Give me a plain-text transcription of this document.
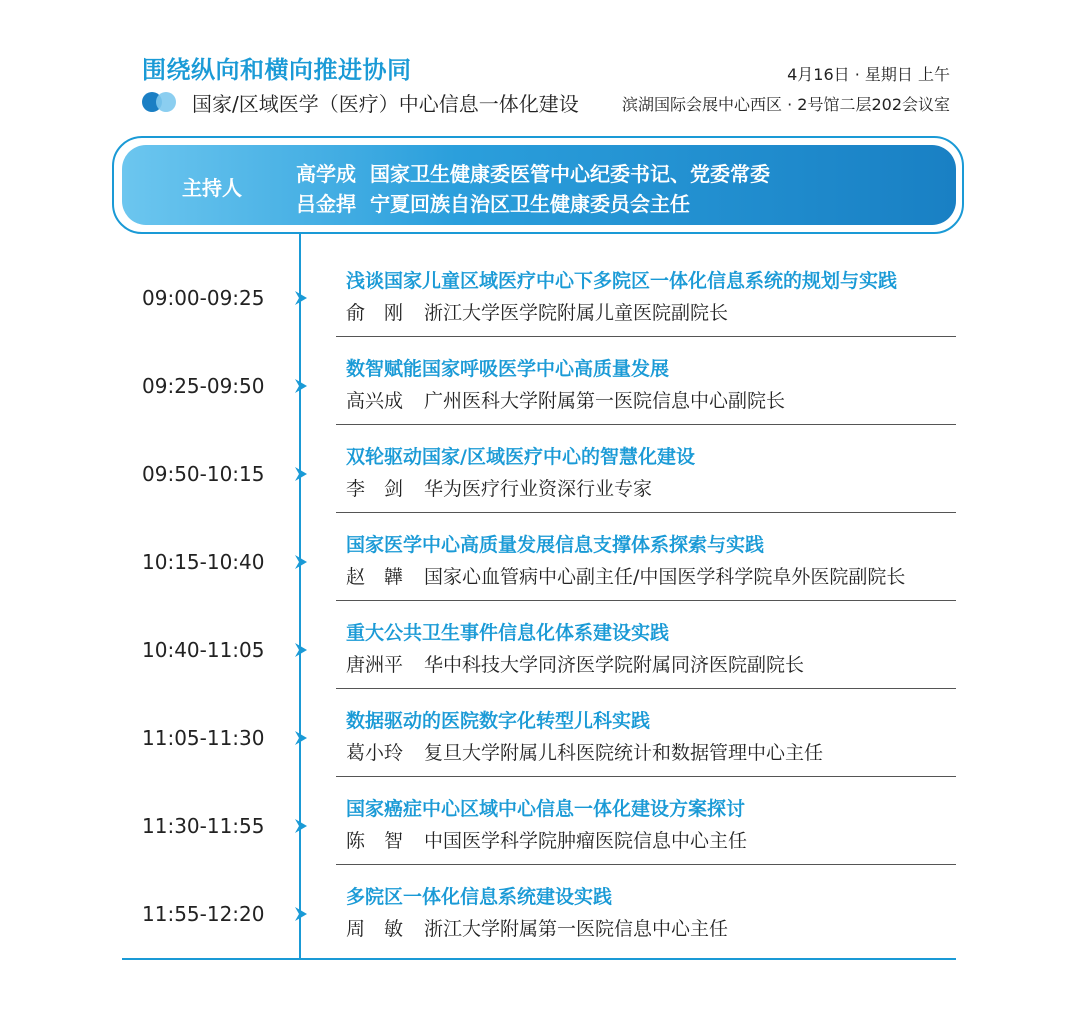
围绕纵向和横向推进协同	4月16日 · 星期日 上午
国家/区域医学（医疗）中心信息一体化建设	滨湖国际会展中心西区 · 2号馆二层202会议室
主持人
高学成 国家卫生健康委医管中心纪委书记、党委常委
吕金捍 宁夏回族自治区卫生健康委员会主任
09:00-09:25
浅谈国家儿童区域医疗中心下多院区一体化信息系统的规划与实践
俞　刚 浙江大学医学院附属儿童医院副院长
09:25-09:50
数智赋能国家呼吸医学中心高质量发展
高兴成 广州医科大学附属第一医院信息中心副院长
09:50-10:15
双轮驱动国家/区域医疗中心的智慧化建设
李　剑 华为医疗行业资深行业专家
10:15-10:40
国家医学中心高质量发展信息支撑体系探索与实践
赵　韡 国家心血管病中心副主任/中国医学科学院阜外医院副院长
10:40-11:05
重大公共卫生事件信息化体系建设实践
唐洲平 华中科技大学同济医学院附属同济医院副院长
11:05-11:30
数据驱动的医院数字化转型儿科实践
葛小玲 复旦大学附属儿科医院统计和数据管理中心主任
11:30-11:55
国家癌症中心区域中心信息一体化建设方案探讨
陈　智 中国医学科学院肿瘤医院信息中心主任
11:55-12:20
多院区一体化信息系统建设实践
周　敏 浙江大学附属第一医院信息中心主任
